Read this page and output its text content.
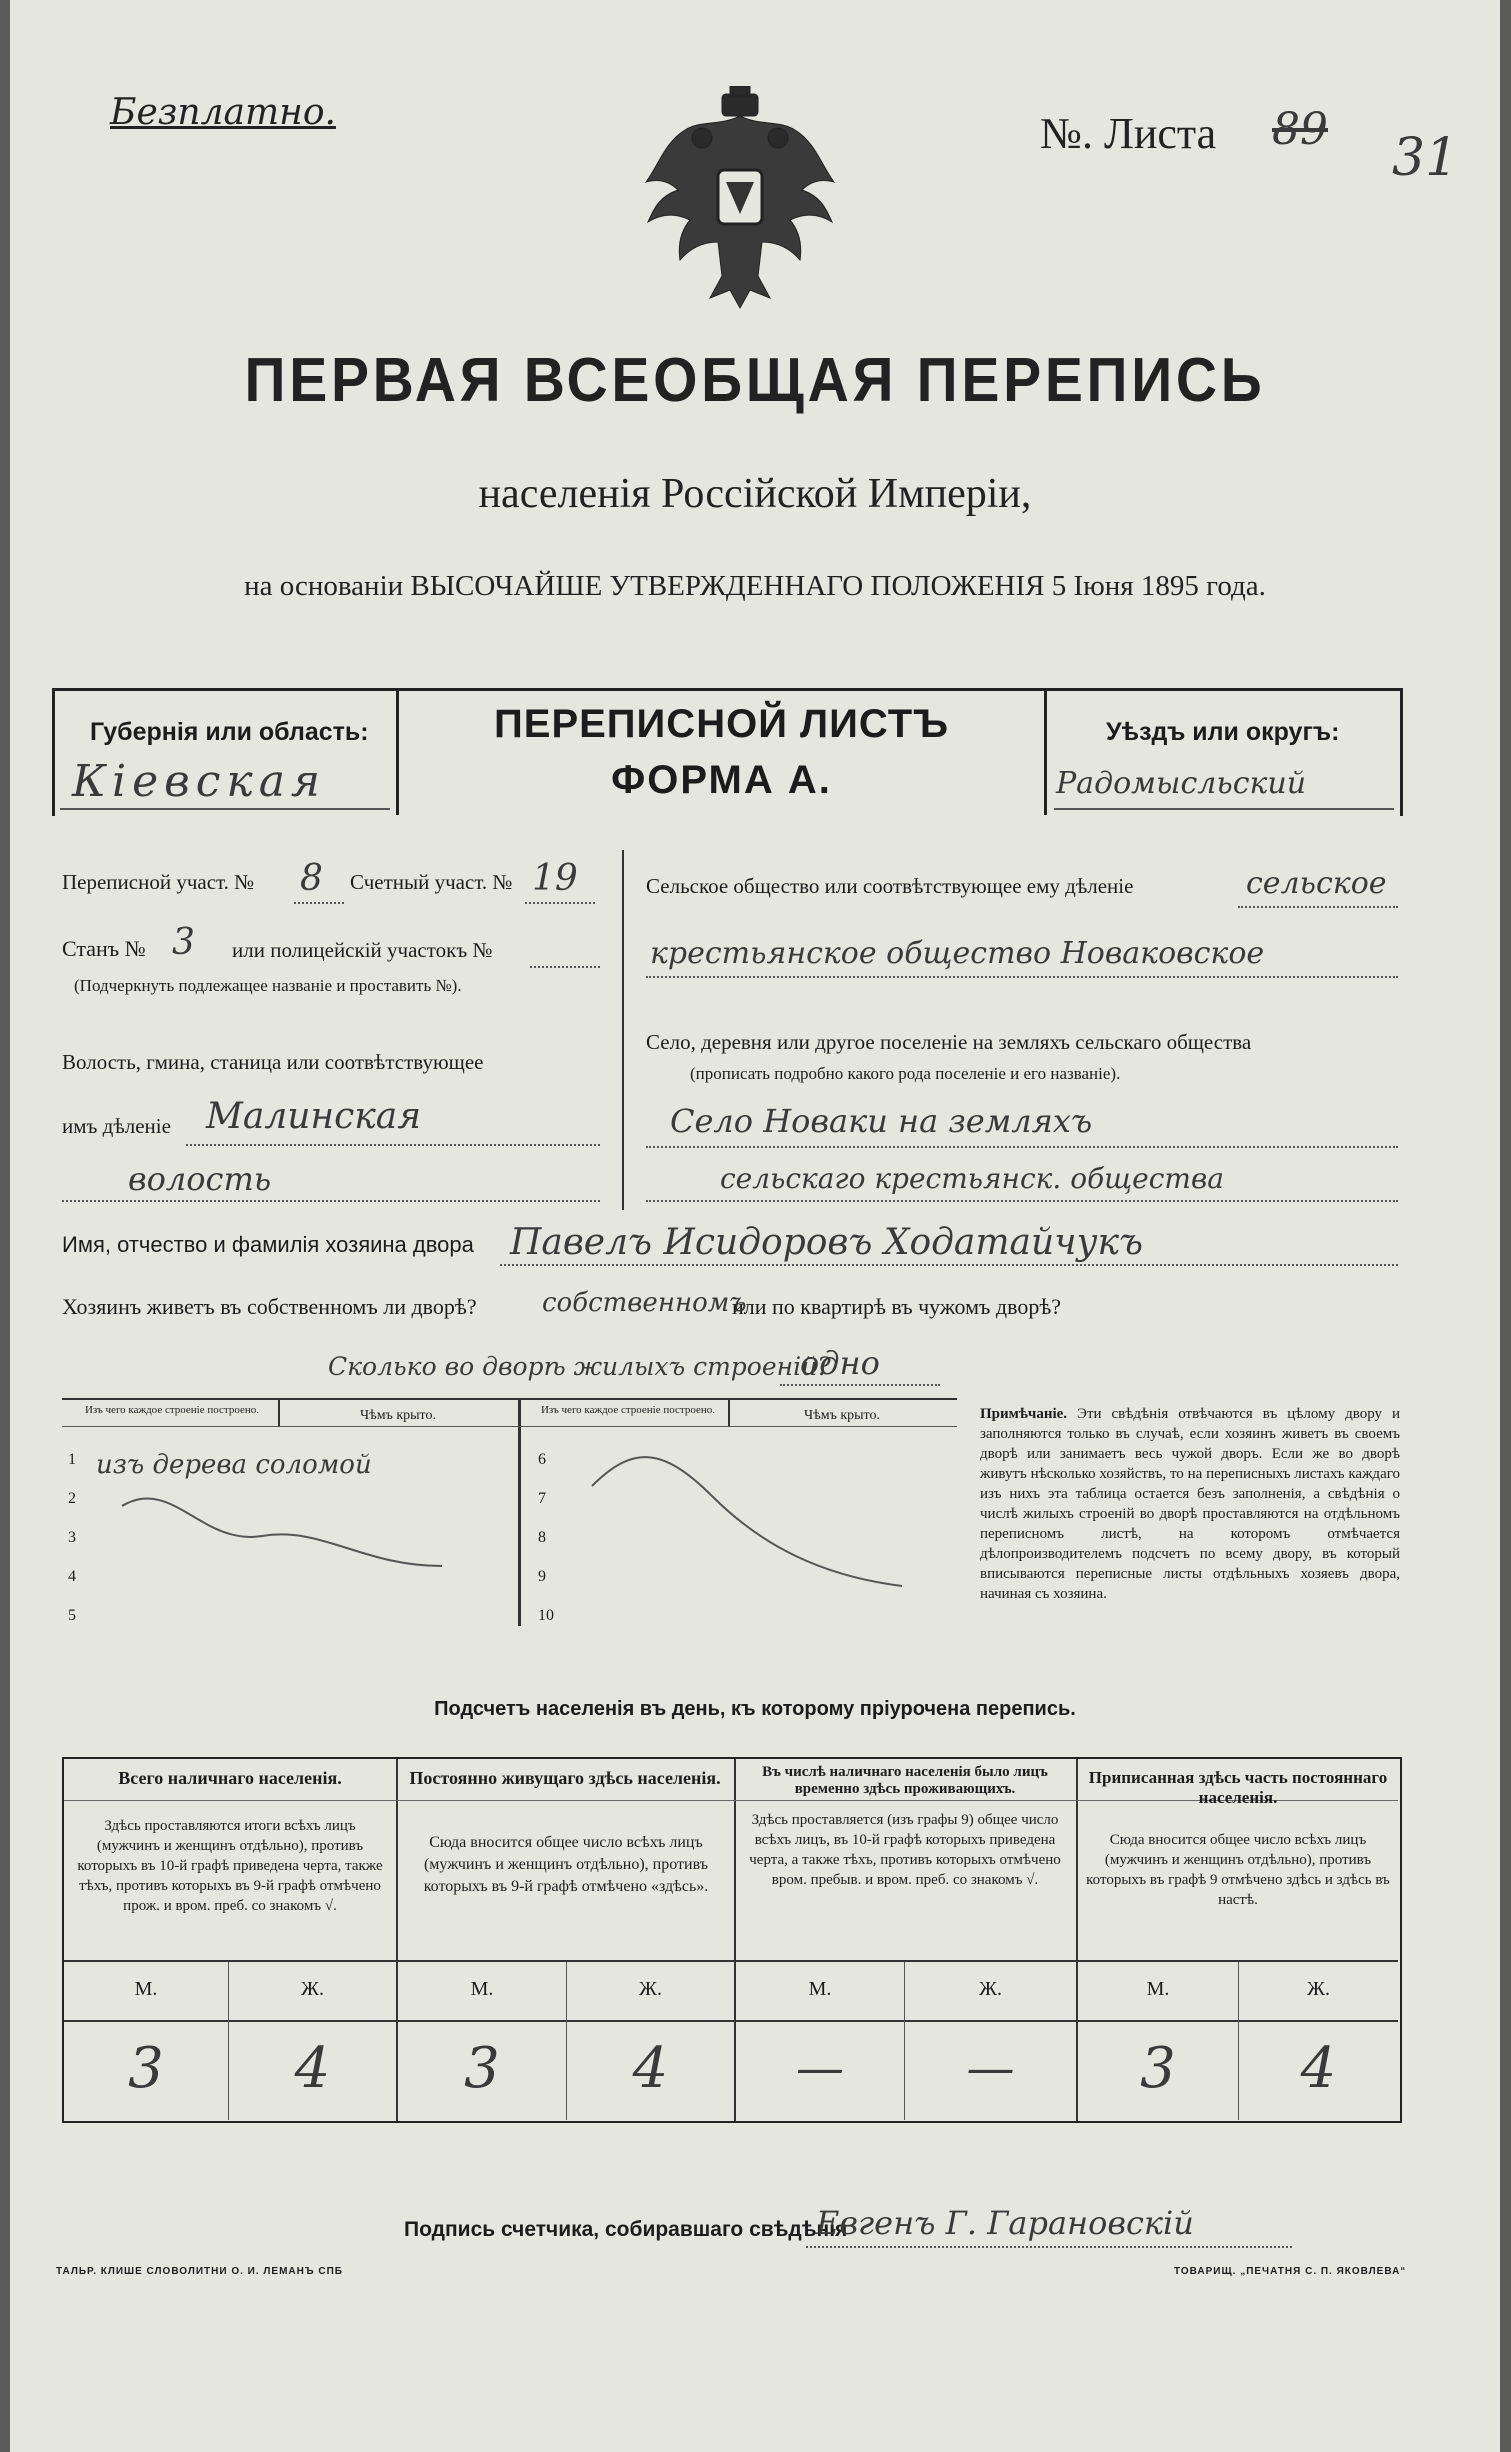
Безплатно.	№. Листа 89 31
ПЕРВАЯ ВСЕОБЩАЯ ПЕРЕПИСЬ
населенія Россійской Имперіи,
на основаніи ВЫСОЧАЙШЕ УТВЕРЖДЕННАГО ПОЛОЖЕНІЯ 5 Іюня 1895 года.
Губернія или область:
Кіевская
ПЕРЕПИСНОЙ ЛИСТЪ
ФОРМА А.
Уѣздъ или округъ:
Радомысльский
Переписной участ. № 8 Счетный участ. № 19
Станъ № 3 или полицейскій участокъ №
(Подчеркнуть подлежащее названіе и проставить №).
Волость, гмина, станица или соотвѣтствующее
имъ дѣленіе Малинская
волость
Сельское общество или соотвѣтствующее ему дѣленіе	сельское
крестьянское общество Новаковское
Село, деревня или другое поселеніе на земляхъ сельскаго общества
(прописать подробно какого рода поселеніе и его названіе).
Село Новаки на земляхъ
сельскаго крестьянск. общества
Имя, отчество и фамилія хозяина двора Павелъ Исидоровъ Ходатайчукъ
Хозяинъ живетъ въ собственномъ ли дворѣ?	собственномъ
или по квартирѣ въ чужомъ дворѣ?
Сколько во дворѣ жилыхъ строеній?
одно
Изъ чего каждое строеніе построено.	Чѣмъ крыто.	Изъ чего каждое строеніе построено.	Чѣмъ крыто.
1
2
3
4
5
6
7
8
9
10
изъ дерева соломой
Примѣчаніе. Эти свѣдѣнія отвѣчаются въ цѣлому двору и заполняются только въ случаѣ, если хозяинъ живетъ въ своемъ дворѣ или занимаетъ весь чужой дворъ. Если же во дворѣ живутъ нѣсколько хозяйствъ, то на переписныхъ листахъ каждаго изъ нихъ эта таблица остается безъ заполненія, а свѣдѣнія о числѣ жилыхъ строеній во дворѣ проставляются на отдѣльномъ переписномъ листѣ, на которомъ отмѣчается дѣлопроизводителемъ подсчетъ по всему двору, въ который вписываются переписные листы отдѣльныхъ хозяевъ двора, начиная съ хозяина.
Подсчетъ населенія въ день, къ которому пріурочена перепись.
Всего наличнаго населенія.	Постоянно живущаго здѣсь населенія.	Въ числѣ наличнаго населенія было лицъ временно здѣсь проживающихъ.
Приписанная здѣсь часть постояннаго населенія.
Здѣсь проставляются итоги всѣхъ лицъ (мужчинъ и женщинъ отдѣльно), противъ которыхъ въ 10-й графѣ приведена черта, также тѣхъ, противъ которыхъ въ 9-й графѣ отмѣчено прож. и вром. преб. со знакомъ √.
Сюда вносится общее число всѣхъ лицъ (мужчинъ и женщинъ отдѣльно), противъ которыхъ въ 9-й графѣ отмѣчено «здѣсь».
Здѣсь проставляется (изъ графы 9) общее число всѣхъ лицъ, въ 10-й графѣ которыхъ приведена черта, а также тѣхъ, противъ которыхъ отмѣчено вром. пребыв. и вром. преб. со знакомъ √.
Сюда вносится общее число всѣхъ лицъ (мужчинъ и женщинъ отдѣльно), противъ которыхъ въ графѣ 9 отмѣчено здѣсь и здѣсь въ настѣ.
М.	Ж.	М.	Ж.	М.	Ж.	М.	Ж.
3	4	3	4	—	—	3	4
Подпись счетчика, собиравшаго свѣдѣнія
Евгенъ Г. Гарановскій
ТАЛЬР. КЛИШЕ СЛОВОЛИТНИ О. И. ЛЕМАНЪ СПБ	ТОВАРИЩ. „ПЕЧАТНЯ С. П. ЯКОВЛЕВА“
